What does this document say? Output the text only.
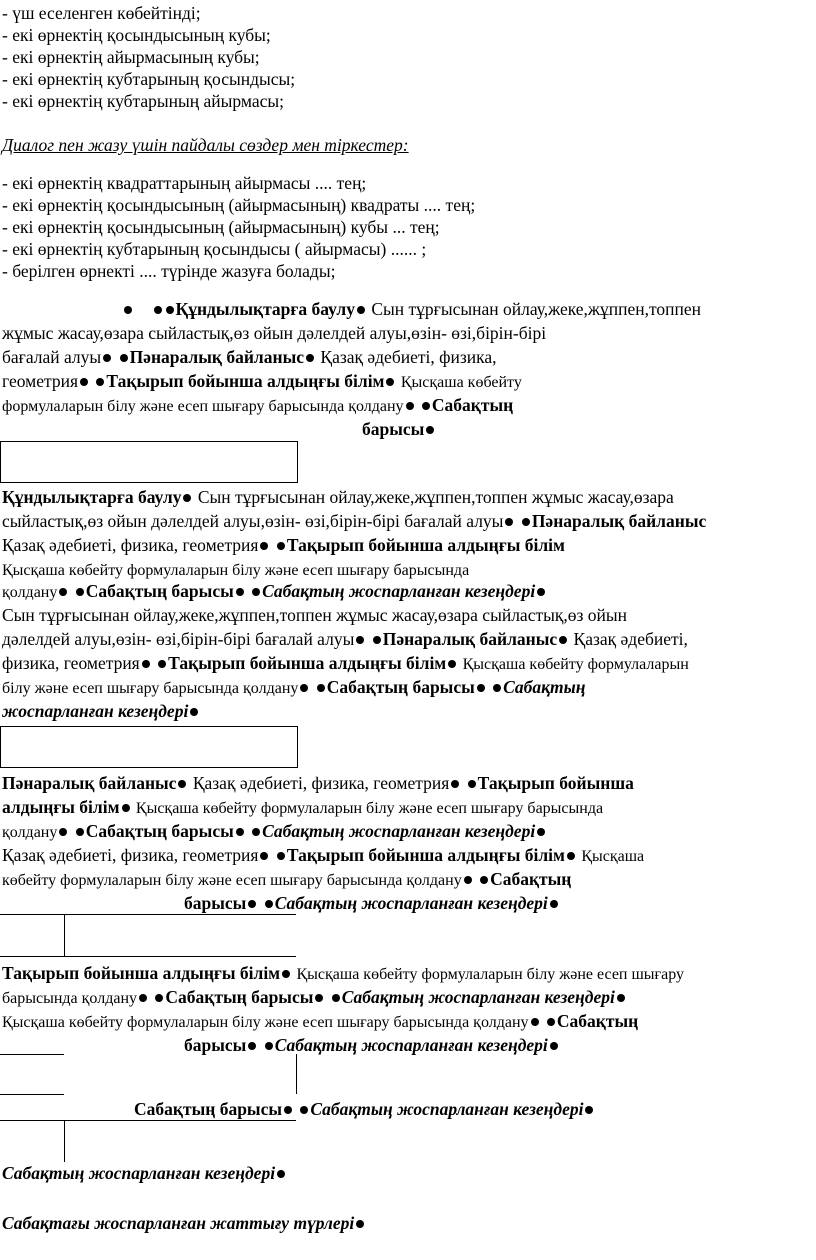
- үш еселенген көбейтінді;
- екі өрнектің қосындысының кубы;
- екі өрнектің айырмасының кубы;
- екі өрнектің кубтарының қосындысы;
- екі өрнектің кубтарының айырмасы;
Диалог пен жазу үшін пайдалы сөздер мен тіркестер:
- екі өрнектің квадраттарының айырмасы .... тең;
- екі өрнектің қосындысының (айырмасының) квадраты .... тең;
- екі өрнектің қосындысының (айырмасының) кубы ... тең;
- екі өрнектің кубтарының қосындысы ( айырмасы) ...... ;
- берілген өрнекті .... түрінде жазуға болады;
Құндылықтарға баулу Сын тұрғысынан ойлау,жеке,жұппен,топпен
жұмыс жасау,өзара сыйластық,өз ойын дәлелдей алуы,өзін- өзі,бірін-бірі
бағалай алуы Пәнаралық байланыс Қазақ әдебиеті, физика,
геометрия Тақырып бойынша алдыңғы білім Қысқаша көбейту
формулаларын білу және есеп шығару барысында қолдану Сабақтың
барысы
Құндылықтарға баулу Сын тұрғысынан ойлау,жеке,жұппен,топпен жұмыс жасау,өзара
сыйластық,өз ойын дәлелдей алуы,өзін- өзі,бірін-бірі бағалай алуы Пәнаралық байланыс
Қазақ әдебиеті, физика, геометрия Тақырып бойынша алдыңғы білім
Қысқаша көбейту формулаларын білу және есеп шығару барысында
қолдану Сабақтың барысы Сабақтың жоспарланған кезеңдері
Сын тұрғысынан ойлау,жеке,жұппен,топпен жұмыс жасау,өзара сыйластық,өз ойын
дәлелдей алуы,өзін- өзі,бірін-бірі бағалай алуы Пәнаралық байланыс Қазақ әдебиеті,
физика, геометрия Тақырып бойынша алдыңғы білім Қысқаша көбейту формулаларын
білу және есеп шығару барысында қолдану Сабақтың барысы Сабақтың
жоспарланған кезеңдері
Пәнаралық байланыс Қазақ әдебиеті, физика, геометрия Тақырып бойынша
алдыңғы білім Қысқаша көбейту формулаларын білу және есеп шығару барысында
қолдану Сабақтың барысы Сабақтың жоспарланған кезеңдері
Қазақ әдебиеті, физика, геометрия Тақырып бойынша алдыңғы білім Қысқаша
көбейту формулаларын білу және есеп шығару барысында қолдану Сабақтың
барысы Сабақтың жоспарланған кезеңдері
Тақырып бойынша алдыңғы білім Қысқаша көбейту формулаларын білу және есеп шығару
барысында қолдану Сабақтың барысы Сабақтың жоспарланған кезеңдері
Қысқаша көбейту формулаларын білу және есеп шығару барысында қолдану Сабақтың
барысы Сабақтың жоспарланған кезеңдері
Сабақтың барысы Сабақтың жоспарланған кезеңдері
Сабақтың жоспарланған кезеңдері
Сабақтағы жоспарланған жаттығу түрлері
